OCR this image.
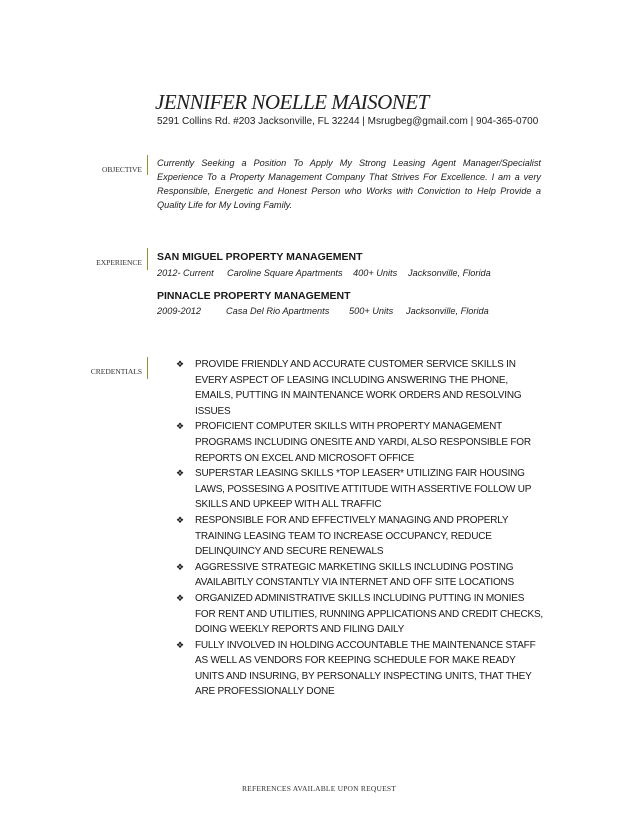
JENNIFER NOELLE MAISONET
5291 Collins Rd. #203 Jacksonville, FL 32244 | Msrugbeg@gmail.com | 904-365-0700
OBJECTIVE
Currently Seeking a Position To Apply My Strong Leasing Agent Manager/Specialist Experience To a Property Management Company That Strives For Excellence. I am a very Responsible, Energetic and Honest Person who Works with Conviction to Help Provide a Quality Life for My Loving Family.
EXPERIENCE SAN MIGUEL PROPERTY MANAGEMENT
2012- Current Caroline Square Apartments 400+ Units Jacksonville, Florida
PINNACLE PROPERTY MANAGEMENT
2009-2012	Casa Del Rio Apartments 500+ Units Jacksonville, Florida
CREDENTIALS
❖ PROVIDE FRIENDLY AND ACCURATE CUSTOMER SERVICE SKILLS IN EVERY ASPECT OF LEASING INCLUDING ANSWERING THE PHONE, EMAILS, PUTTING IN MAINTENANCE WORK ORDERS AND RESOLVING ISSUES
❖ PROFICIENT COMPUTER SKILLS WITH PROPERTY MANAGEMENT PROGRAMS INCLUDING ONESITE AND YARDI, ALSO RESPONSIBLE FOR REPORTS ON EXCEL AND MICROSOFT OFFICE
❖ SUPERSTAR LEASING SKILLS *TOP LEASER* UTILIZING FAIR HOUSING LAWS, POSSESING A POSITIVE ATTITUDE WITH ASSERTIVE FOLLOW UP SKILLS AND UPKEEP WITH ALL TRAFFIC
❖ RESPONSIBLE FOR AND EFFECTIVELY MANAGING AND PROPERLY TRAINING LEASING TEAM TO INCREASE OCCUPANCY, REDUCE DELINQUINCY AND SECURE RENEWALS
❖ AGGRESSIVE STRATEGIC MARKETING SKILLS INCLUDING POSTING AVAILABITLY CONSTANTLY VIA INTERNET AND OFF SITE LOCATIONS
❖ ORGANIZED ADMINISTRATIVE SKILLS INCLUDING PUTTING IN MONIES FOR RENT AND UTILITIES, RUNNING APPLICATIONS AND CREDIT CHECKS, DOING WEEKLY REPORTS AND FILING DAILY
❖ FULLY INVOLVED IN HOLDING ACCOUNTABLE THE MAINTENANCE STAFF AS WELL AS VENDORS FOR KEEPING SCHEDULE FOR MAKE READY UNITS AND INSURING, BY PERSONALLY INSPECTING UNITS, THAT THEY ARE PROFESSIONALLY DONE
REFERENCES AVAILABLE UPON REQUEST
